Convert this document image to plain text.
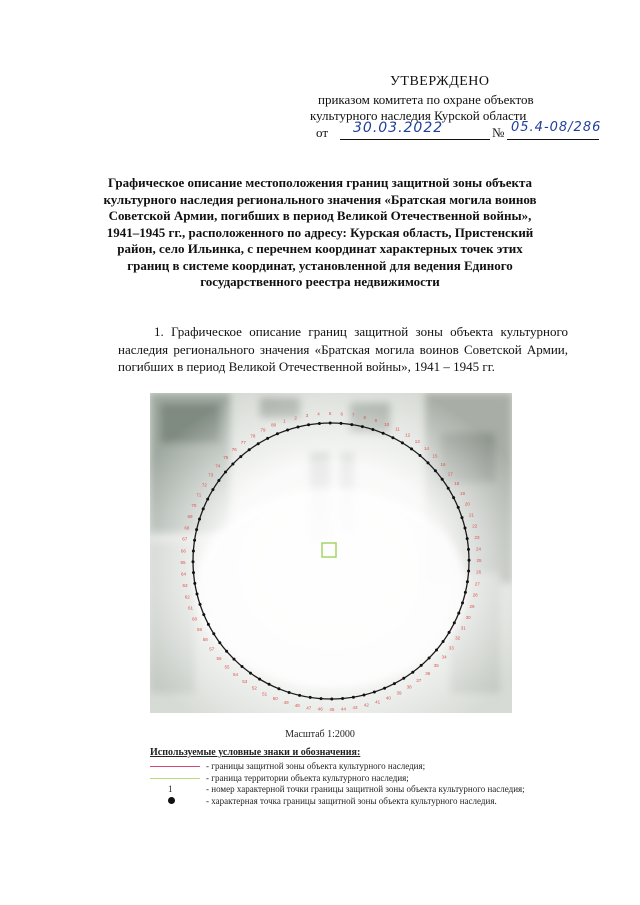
УТВЕРЖДЕНО
приказом комитета по охране объектов
культурного наследия Курской области
от 30.03.2022	№ 05.4-08/286
Графическое описание местоположения границ защитной зоны объекта культурного наследия регионального значения «Братская могила воинов Советской Армии, погибших в период Великой Отечественной войны», 1941–1945 гг., расположенного по адресу: Курская область, Пристенский район, село Ильинка, с перечнем координат характерных точек этих границ в системе координат, установленной для ведения Единого государственного реестра недвижимости
1. Графическое описание границ защитной зоны объекта культурного наследия регионального значения «Братская могила воинов Советской Армии, погибших в период Великой Отечественной войны», 1941 – 1945 гг.
1
2 3 4 5 6 7 8
9
10
11
12
13
14
15
16
17
18
19
20
21
22
23
24
25
26
27
28
29
30
31
32
33
34
35
36
37
38
39
40
41
42
43
44
45
46
47
48
49
50
51
52
53
54
55
56
57
58
59
60
61
62
63
64
65
66
67
68
69
70
71
72
73
74
75
76
77
78
79
80
Масштаб 1:2000
Используемые условные знаки и обозначения:
- границы защитной зоны объекта культурного наследия;
- граница территории объекта культурного наследия;
1	- номер характерной точки границы защитной зоны объекта культурного наследия;
- характерная точка границы защитной зоны объекта культурного наследия.
